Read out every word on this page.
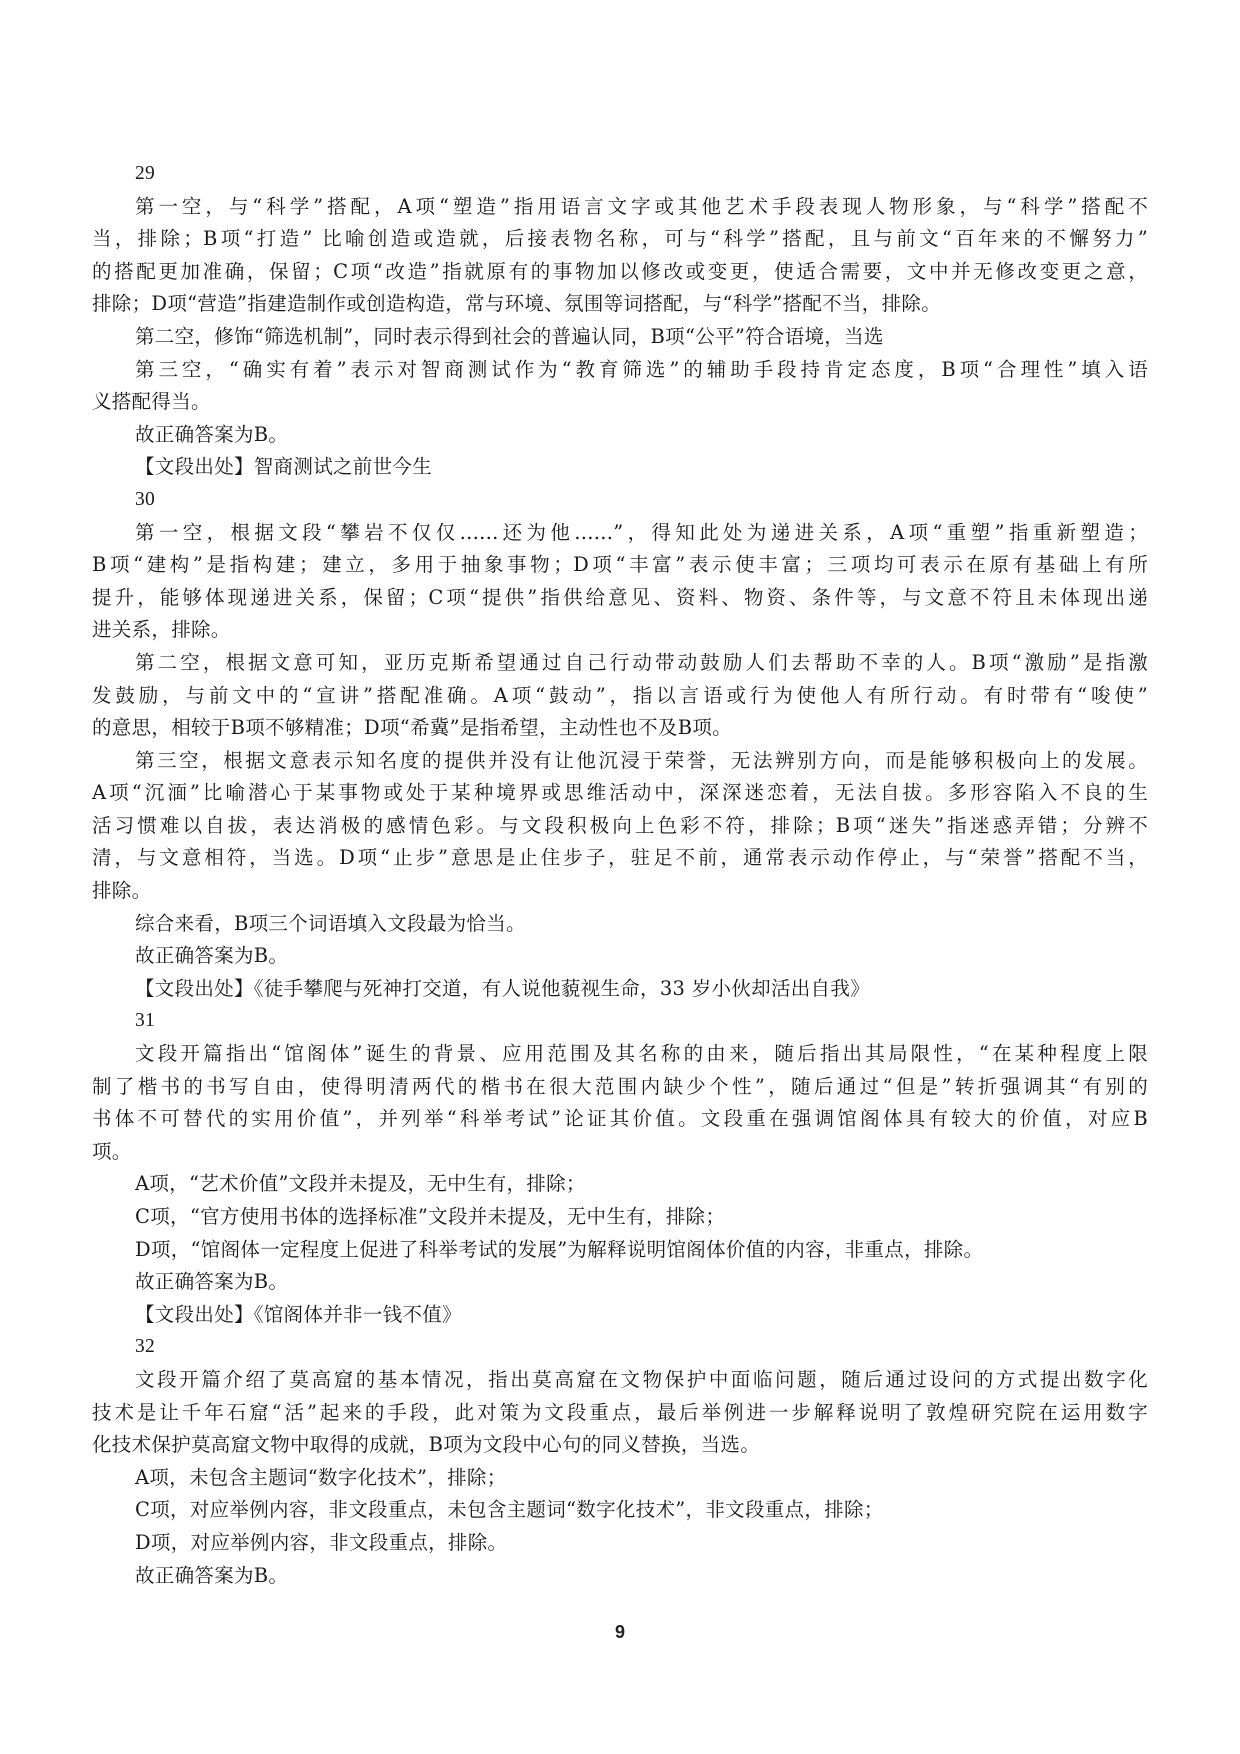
29

第一空，与“科学”搭配，A项“塑造”指用语言文字或其他艺术手段表现人物形象，与“科学”搭配不

当，排除；B项“打造” 比喻创造或造就，后接表物名称，可与“科学”搭配，且与前文“百年来的不懈努力”

的搭配更加准确，保留；C项“改造”指就原有的事物加以修改或变更，使适合需要，文中并无修改变更之意，

排除；D项“营造”指建造制作或创造构造，常与环境、氛围等词搭配，与“科学”搭配不当，排除。

第二空，修饰“筛选机制”，同时表示得到社会的普遍认同，B项“公平”符合语境，当选

第三空，“确实有着”表示对智商测试作为“教育筛选”的辅助手段持肯定态度，B项“合理性”填入语

义搭配得当。

故正确答案为B。

【文段出处】智商测试之前世今生

30

第一空，根据文段“攀岩不仅仅......还为他......”，得知此处为递进关系，A项“重塑”指重新塑造；

B项“建构”是指构建；建立，多用于抽象事物；D项“丰富”表示使丰富；三项均可表示在原有基础上有所

提升，能够体现递进关系，保留；C项“提供”指供给意见、资料、物资、条件等，与文意不符且未体现出递

进关系，排除。

第二空，根据文意可知，亚历克斯希望通过自己行动带动鼓励人们去帮助不幸的人。B项“激励”是指激

发鼓励，与前文中的“宣讲”搭配准确。A项“鼓动”，指以言语或行为使他人有所行动。有时带有“唆使”

的意思，相较于B项不够精准；D项“希冀”是指希望，主动性也不及B项。

第三空，根据文意表示知名度的提供并没有让他沉浸于荣誉，无法辨别方向，而是能够积极向上的发展。

A项“沉湎”比喻潜心于某事物或处于某种境界或思维活动中，深深迷恋着，无法自拔。多形容陷入不良的生

活习惯难以自拔，表达消极的感情色彩。与文段积极向上色彩不符，排除；B项“迷失”指迷惑弄错；分辨不

清，与文意相符，当选。D项“止步”意思是止住步子，驻足不前，通常表示动作停止，与“荣誉”搭配不当，

排除。

综合来看，B项三个词语填入文段最为恰当。

故正确答案为B。

【文段出处】《徒手攀爬与死神打交道，有人说他藐视生命，33 岁小伙却活出自我》

31

文段开篇指出“馆阁体”诞生的背景、应用范围及其名称的由来，随后指出其局限性，“在某种程度上限

制了楷书的书写自由，使得明清两代的楷书在很大范围内缺少个性”，随后通过“但是”转折强调其“有别的

书体不可替代的实用价值”，并列举“科举考试”论证其价值。文段重在强调馆阁体具有较大的价值，对应B

项。

A项，“艺术价值”文段并未提及，无中生有，排除；

C项，“官方使用书体的选择标准”文段并未提及，无中生有，排除；

D项，“馆阁体一定程度上促进了科举考试的发展”为解释说明馆阁体价值的内容，非重点，排除。

故正确答案为B。

【文段出处】《馆阁体并非一钱不值》

32

文段开篇介绍了莫高窟的基本情况，指出莫高窟在文物保护中面临问题，随后通过设问的方式提出数字化

技术是让千年石窟“活”起来的手段，此对策为文段重点，最后举例进一步解释说明了敦煌研究院在运用数字

化技术保护莫高窟文物中取得的成就，B项为文段中心句的同义替换，当选。

A项，未包含主题词“数字化技术”，排除；

C项，对应举例内容，非文段重点，未包含主题词“数字化技术”，非文段重点，排除；

D项，对应举例内容，非文段重点，排除。

故正确答案为B。

9
